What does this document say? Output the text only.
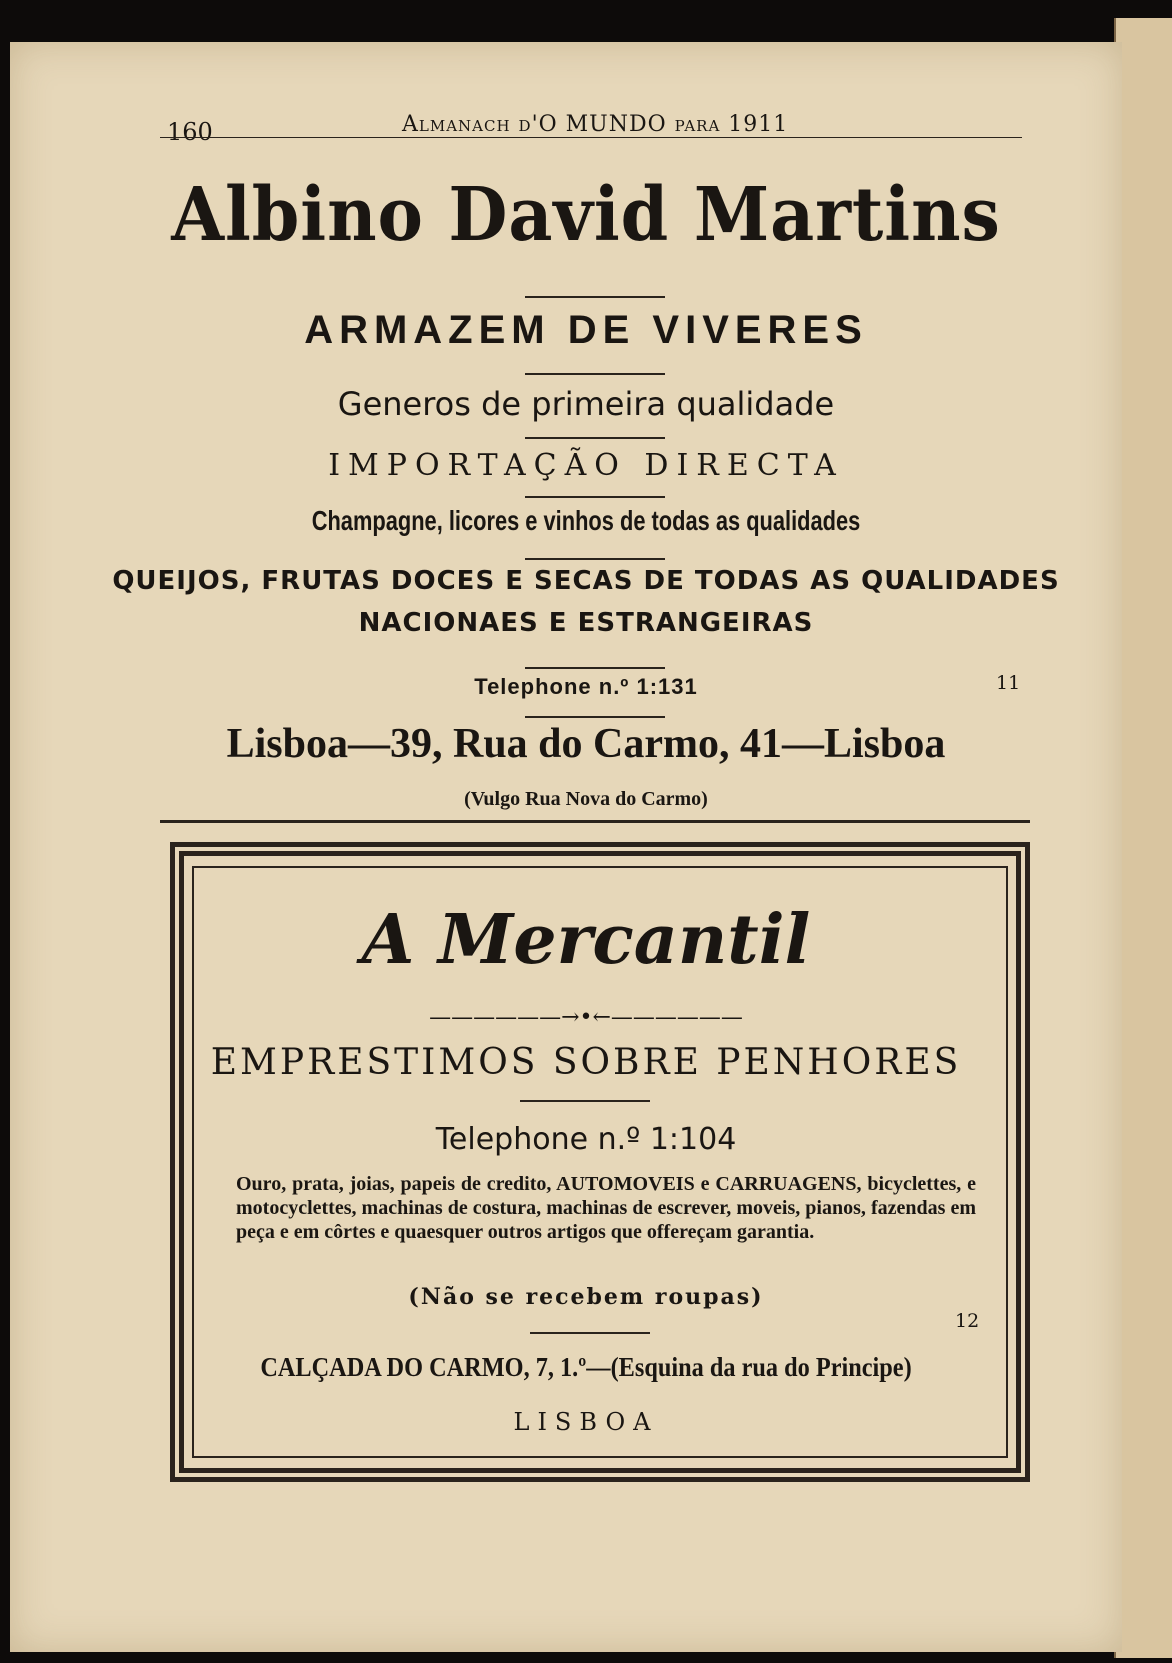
160	Almanach d'O MUNDO para 1911
Albino David Martins
ARMAZEM DE VIVERES
Generos de primeira qualidade
IMPORTAÇÃO DIRECTA
Champagne, licores e vinhos de todas as qualidades
QUEIJOS, FRUTAS DOCES E SECAS DE TODAS AS QUALIDADES
NACIONAES E ESTRANGEIRAS
Telephone n.º 1:131	11
Lisboa—39, Rua do Carmo, 41—Lisboa
(Vulgo Rua Nova do Carmo)
A Mercantil
——————→•←——————
EMPRESTIMOS SOBRE PENHORES
Telephone n.º 1:104
Ouro, prata, joias, papeis de credito, AUTOMOVEIS e CARRUAGENS, bicyclettes, e motocyclettes, machinas de costura, machinas de escrever, moveis, pianos, fazendas em peça e em côrtes e quaesquer outros artigos que offereçam garantia.
(Não se recebem roupas)
12
CALÇADA DO CARMO, 7, 1.º—(Esquina da rua do Principe)
LISBOA
